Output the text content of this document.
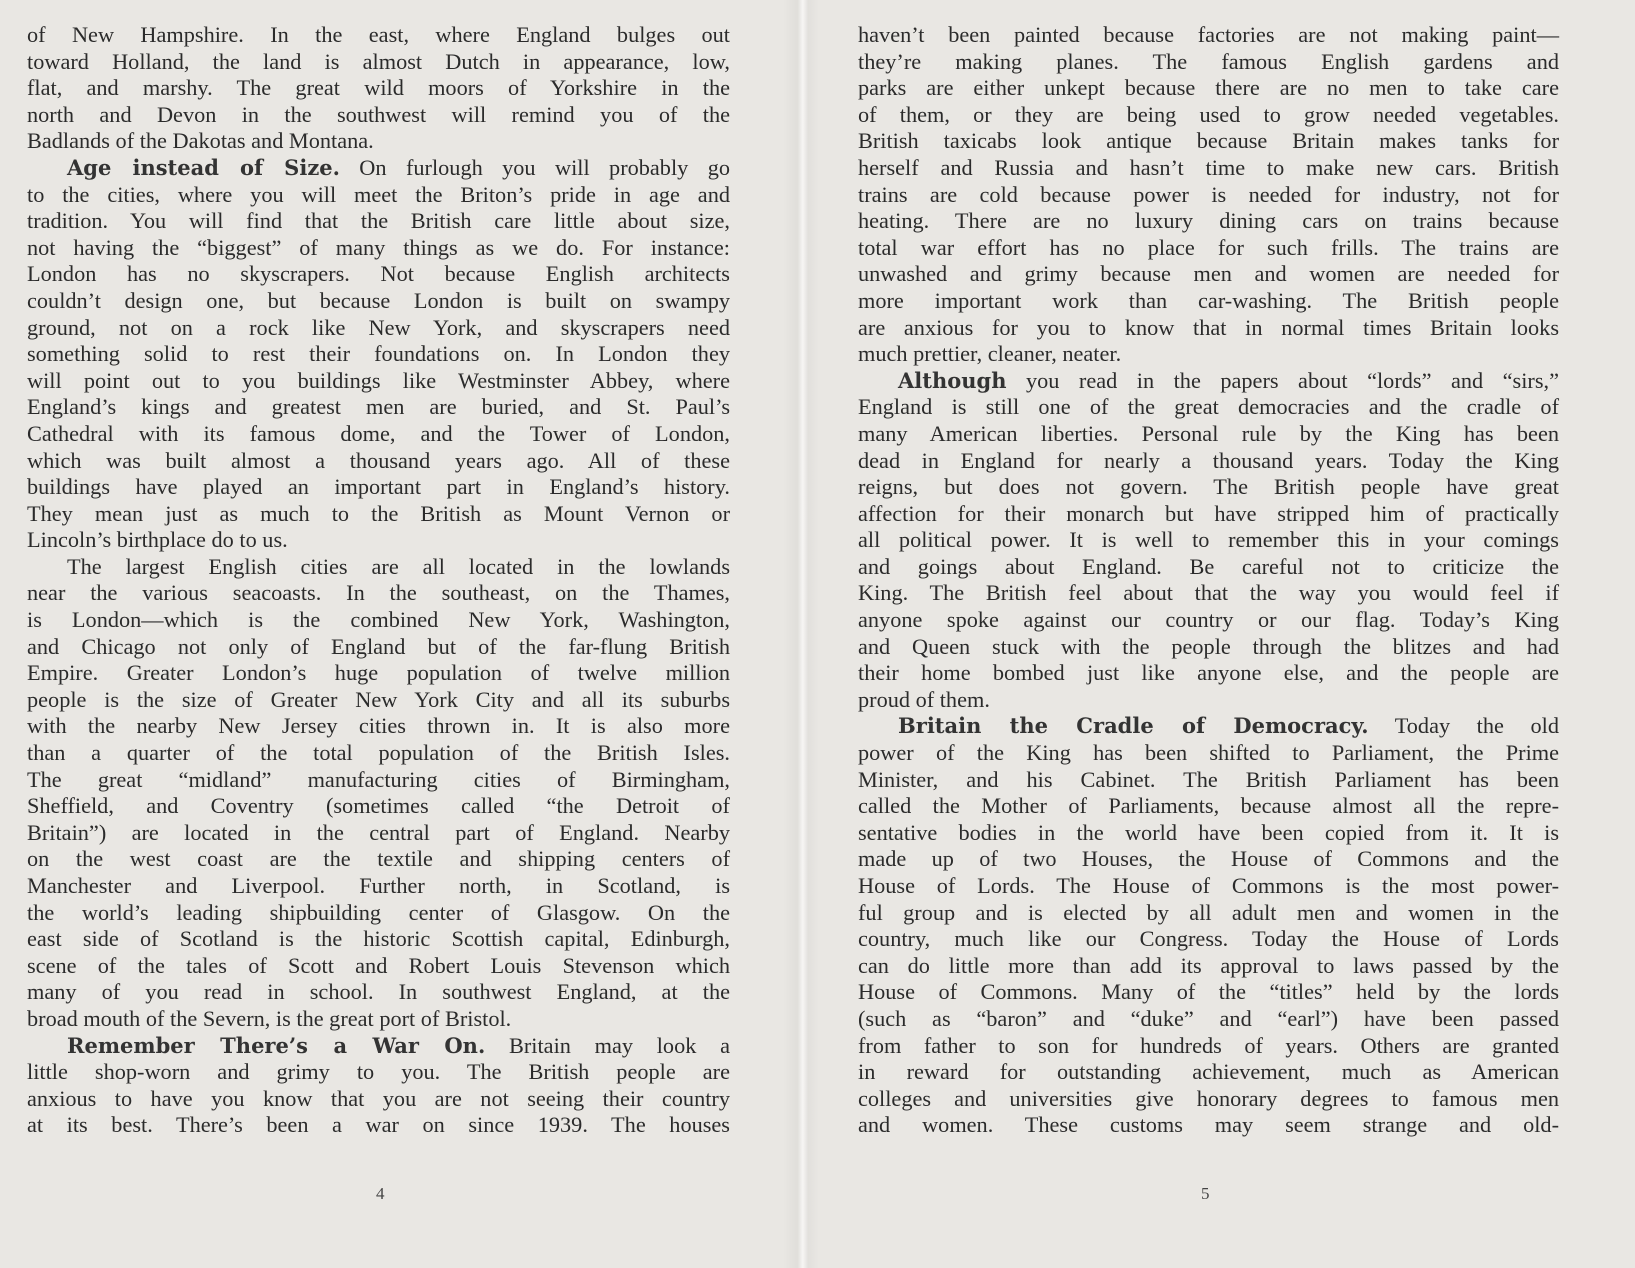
of New Hampshire. In the east, where England bulges out
toward Holland, the land is almost Dutch in appearance, low,
flat, and marshy. The great wild moors of Yorkshire in the
north and Devon in the southwest will remind you of the
Badlands of the Dakotas and Montana.
Age instead of Size. On furlough you will probably go
to the cities, where you will meet the Briton’s pride in age and
tradition. You will find that the British care little about size,
not having the “biggest” of many things as we do. For instance:
London has no skyscrapers. Not because English architects
couldn’t design one, but because London is built on swampy
ground, not on a rock like New York, and skyscrapers need
something solid to rest their foundations on. In London they
will point out to you buildings like Westminster Abbey, where
England’s kings and greatest men are buried, and St. Paul’s
Cathedral with its famous dome, and the Tower of London,
which was built almost a thousand years ago. All of these
buildings have played an important part in England’s history.
They mean just as much to the British as Mount Vernon or
Lincoln’s birthplace do to us.
The largest English cities are all located in the lowlands
near the various seacoasts. In the southeast, on the Thames,
is London—which is the combined New York, Washington,
and Chicago not only of England but of the far-flung British
Empire. Greater London’s huge population of twelve million
people is the size of Greater New York City and all its suburbs
with the nearby New Jersey cities thrown in. It is also more
than a quarter of the total population of the British Isles.
The great “midland” manufacturing cities of Birmingham,
Sheffield, and Coventry (sometimes called “the Detroit of
Britain”) are located in the central part of England. Nearby
on the west coast are the textile and shipping centers of
Manchester and Liverpool. Further north, in Scotland, is
the world’s leading shipbuilding center of Glasgow. On the
east side of Scotland is the historic Scottish capital, Edinburgh,
scene of the tales of Scott and Robert Louis Stevenson which
many of you read in school. In southwest England, at the
broad mouth of the Severn, is the great port of Bristol.
Remember There’s a War On. Britain may look a
little shop-worn and grimy to you. The British people are
anxious to have you know that you are not seeing their country
at its best. There’s been a war on since 1939. The houses
haven’t been painted because factories are not making paint—
they’re making planes. The famous English gardens and
parks are either unkept because there are no men to take care
of them, or they are being used to grow needed vegetables.
British taxicabs look antique because Britain makes tanks for
herself and Russia and hasn’t time to make new cars. British
trains are cold because power is needed for industry, not for
heating. There are no luxury dining cars on trains because
total war effort has no place for such frills. The trains are
unwashed and grimy because men and women are needed for
more important work than car-washing. The British people
are anxious for you to know that in normal times Britain looks
much prettier, cleaner, neater.
Although you read in the papers about “lords” and “sirs,”
England is still one of the great democracies and the cradle of
many American liberties. Personal rule by the King has been
dead in England for nearly a thousand years. Today the King
reigns, but does not govern. The British people have great
affection for their monarch but have stripped him of practically
all political power. It is well to remember this in your comings
and goings about England. Be careful not to criticize the
King. The British feel about that the way you would feel if
anyone spoke against our country or our flag. Today’s King
and Queen stuck with the people through the blitzes and had
their home bombed just like anyone else, and the people are
proud of them.
Britain the Cradle of Democracy. Today the old
power of the King has been shifted to Parliament, the Prime
Minister, and his Cabinet. The British Parliament has been
called the Mother of Parliaments, because almost all the repre-
sentative bodies in the world have been copied from it. It is
made up of two Houses, the House of Commons and the
House of Lords. The House of Commons is the most power-
ful group and is elected by all adult men and women in the
country, much like our Congress. Today the House of Lords
can do little more than add its approval to laws passed by the
House of Commons. Many of the “titles” held by the lords
(such as “baron” and “duke” and “earl”) have been passed
from father to son for hundreds of years. Others are granted
in reward for outstanding achievement, much as American
colleges and universities give honorary degrees to famous men
and women. These customs may seem strange and old-
4	5
